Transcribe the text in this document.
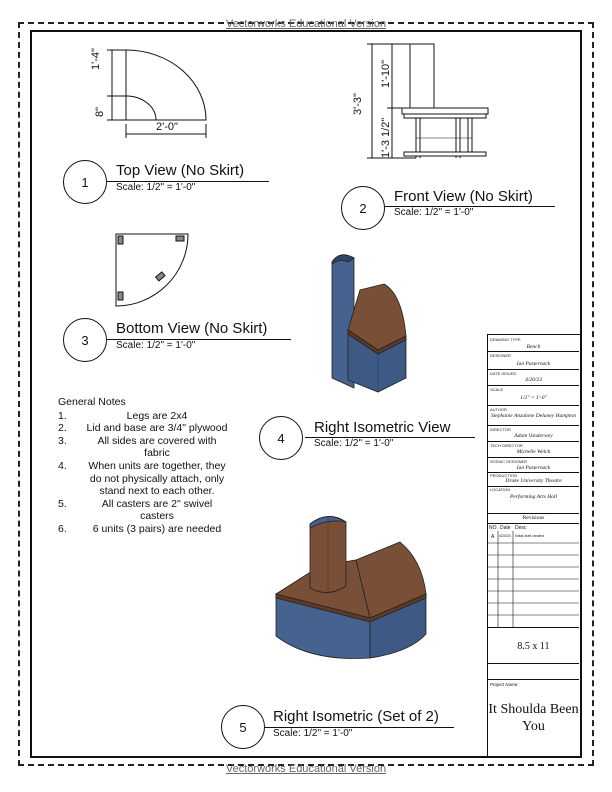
Vectorworks Educational Version
Vectorworks Educational Version
1'-4"
8"
2'-0"
3'-3"
1'-10"
1'-3 1/2"
1
Top View (No Skirt)
Scale: 1/2" = 1'-0"
2
Front View (No Skirt)
Scale: 1/2" = 1'-0"
3
Bottom View (No Skirt)
Scale: 1/2" = 1'-0"
4
Right Isometric View
Scale: 1/2" = 1'-0"
5
Right Isometric (Set of 2)
Scale: 1/2" = 1'-0"
General Notes
1.	Legs are 2x4
2.	Lid and base are 3/4" plywood
3.	All sides are covered with fabric
4.	When units are together, they do not physically attach, only stand next to each other.
5.	All casters are 2" swivel casters
6.	6 units (3 pairs) are needed
DRAWING TYPE
Bench
DESIGNER
Ian Pasternack
DATE ISSUED
4/20/23
SCALE
1/2" = 1'-0"
AUTHOR
Stephanie Anzalone Delaney Hampton
DIRECTOR
Adam Vanderwey
TECH DIRECTOR
Michelle Welch
SCENIC DESIGNER
Ian Pasternack
PRODUCTION
Drake University Theatre
LOCATION
Performing Arts Hall
Revisions
NO. Date Desc
A 4/20/23 Initial draft created
8.5 x 11
Project Name:
It Shoulda Been You
